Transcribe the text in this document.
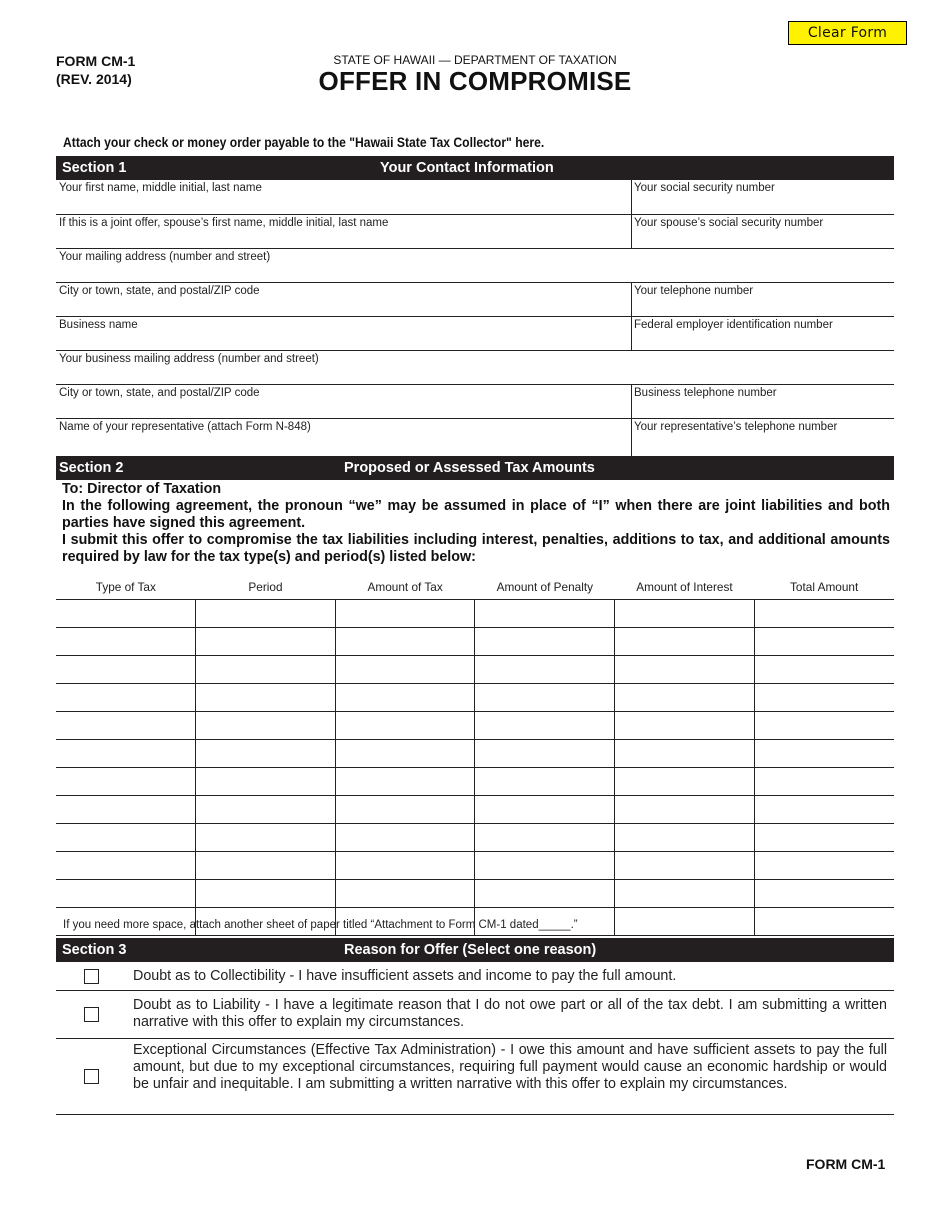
Clear Form
FORM CM-1
(REV. 2014)
STATE OF HAWAII — DEPARTMENT OF TAXATION
OFFER IN COMPROMISE
Attach your check or money order payable to the "Hawaii State Tax Collector" here.
Section 1	Your Contact Information
Your first name, middle initial, last name	Your social security number
If this is a joint offer, spouse’s first name, middle initial, last name	Your spouse’s social security number
Your mailing address (number and street)
City or town, state, and postal/ZIP code	Your telephone number
Business name	Federal employer identification number
Your business mailing address (number and street)
City or town, state, and postal/ZIP code	Business telephone number
Name of your representative (attach Form N-848)	Your representative’s telephone number
Section 2	Proposed or Assessed Tax Amounts
To: Director of Taxation
In the following agreement, the pronoun “we” may be assumed in place of “I” when there are joint liabilities and both parties have signed this agreement.
I submit this offer to compromise the tax liabilities including interest, penalties, additions to tax, and additional amounts required by law for the tax type(s) and period(s) listed below:
Type of Tax	Period	Amount of Tax	Amount of Penalty	Amount of Interest	Total Amount

If you need more space, attach another sheet of paper titled “Attachment to Form CM-1 dated_____.”
Section 3	Reason for Offer (Select one reason)
Doubt as to Collectibility - I have insufficient assets and income to pay the full amount.
Doubt as to Liability - I have a legitimate reason that I do not owe part or all of the tax debt. I am submitting a written narrative with this offer to explain my circumstances.
Exceptional Circumstances (Effective Tax Administration) - I owe this amount and have sufficient assets to pay the full amount, but due to my exceptional circumstances, requiring full payment would cause an economic hardship or would be unfair and inequitable. I am submitting a written narrative with this offer to explain my circumstances.
FORM CM-1
